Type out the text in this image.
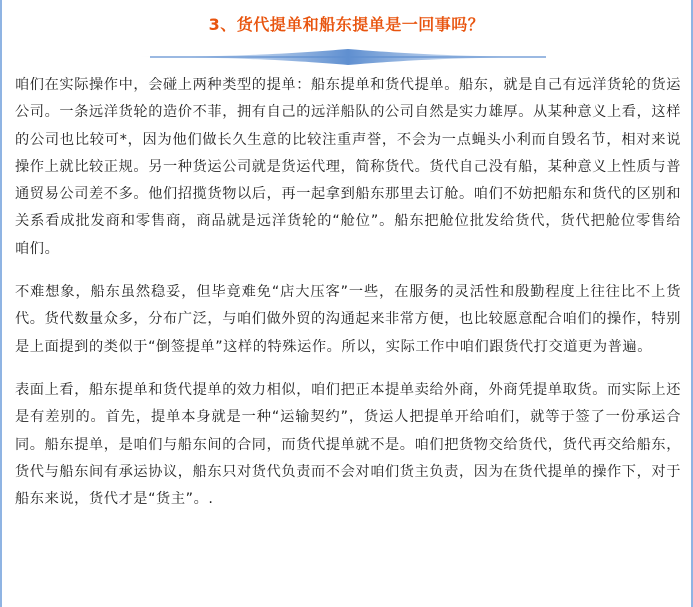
3、货代提单和船东提单是一回事吗？

咱们在实际操作中，会碰上两种类型的提单：船东提单和货代提单。船东，就是自己有远洋货轮的货运公司。一条远洋货轮的造价不菲，拥有自己的远洋船队的公司自然是实力雄厚。从某种意义上看，这样的公司也比较可*，因为他们做长久生意的比较注重声誉，不会为一点蝇头小利而自毁名节，相对来说操作上就比较正规。另一种货运公司就是货运代理，简称货代。货代自己没有船，某种意义上性质与普通贸易公司差不多。他们招揽货物以后，再一起拿到船东那里去订舱。咱们不妨把船东和货代的区别和关系看成批发商和零售商，商品就是远洋货轮的“舱位”。船东把舱位批发给货代，货代把舱位零售给咱们。

不难想象，船东虽然稳妥，但毕竟难免“店大压客”一些，在服务的灵活性和殷勤程度上往往比不上货代。货代数量众多，分布广泛，与咱们做外贸的沟通起来非常方便，也比较愿意配合咱们的操作，特别是上面提到的类似于“倒签提单”这样的特殊运作。所以，实际工作中咱们跟货代打交道更为普遍。

表面上看，船东提单和货代提单的效力相似，咱们把正本提单卖给外商，外商凭提单取货。而实际上还是有差别的。首先，提单本身就是一种“运输契约”，货运人把提单开给咱们，就等于签了一份承运合同。船东提单，是咱们与船东间的合同，而货代提单就不是。咱们把货物交给货代，货代再交给船东，货代与船东间有承运协议，船东只对货代负责而不会对咱们货主负责，因为在货代提单的操作下，对于船东来说，货代才是“货主”。.
